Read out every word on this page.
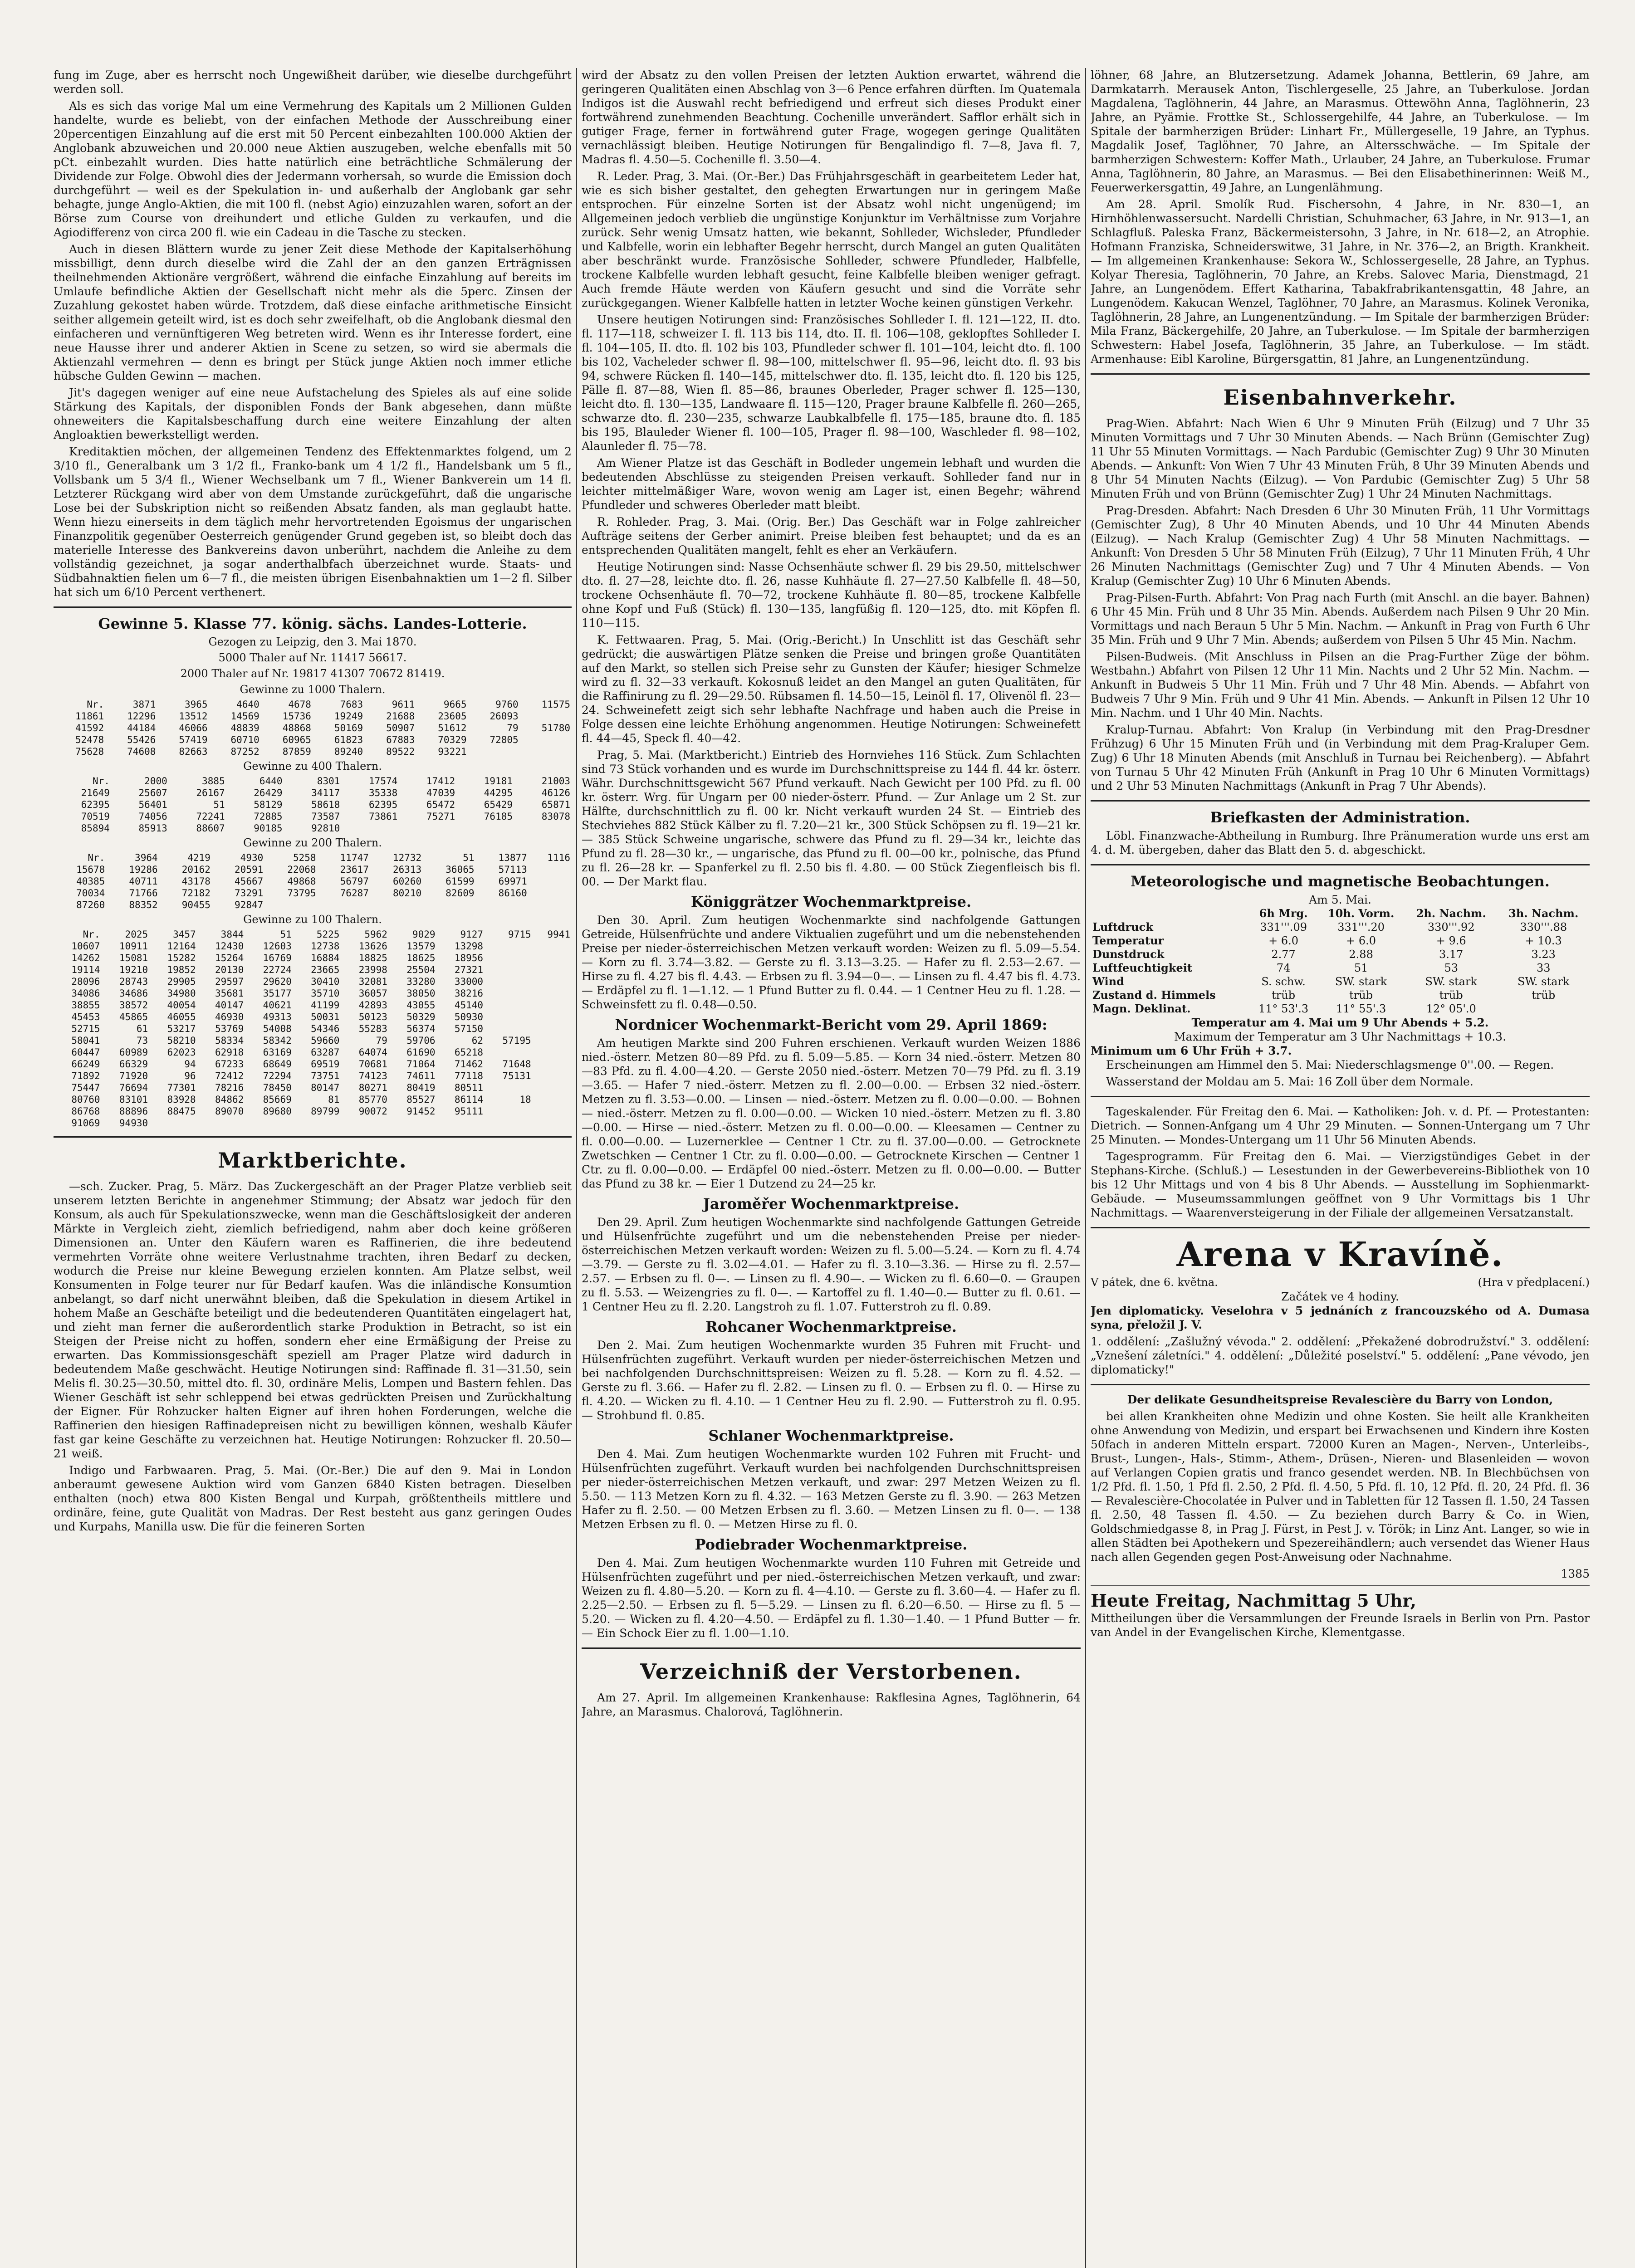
fung im Zuge, aber es herrscht noch Ungewißheit darüber, wie dieselbe durchgeführt werden soll.

Als es sich das vorige Mal um eine Vermehrung des Kapitals um 2 Millionen Gulden handelte, wurde es beliebt, von der einfachen Methode der Ausschreibung einer 20percentigen Einzahlung auf die erst mit 50 Percent einbezahlten 100.000 Aktien der Anglobank abzuweichen und 20.000 neue Aktien auszugeben, welche ebenfalls mit 50 pCt. einbezahlt wurden. Dies hatte natürlich eine beträchtliche Schmälerung der Dividende zur Folge. Obwohl dies der Jedermann vorhersah, so wurde die Emission doch durchgeführt — weil es der Spekulation in- und außerhalb der Anglobank gar sehr behagte, junge Anglo-Aktien, die mit 100 fl. (nebst Agio) einzuzahlen waren, sofort an der Börse zum Course von dreihundert und etliche Gulden zu verkaufen, und die Agiodifferenz von circa 200 fl. wie ein Cadeau in die Tasche zu stecken.

Auch in diesen Blättern wurde zu jener Zeit diese Methode der Kapitalserhöhung missbilligt, denn durch dieselbe wird die Zahl der an den ganzen Erträgnissen theilnehmenden Aktionäre vergrößert, während die einfache Einzahlung auf bereits im Umlaufe befindliche Aktien der Gesellschaft nicht mehr als die 5perc. Zinsen der Zuzahlung gekostet haben würde. Trotzdem, daß diese einfache arithmetische Einsicht seither allgemein geteilt wird, ist es doch sehr zweifelhaft, ob die Anglobank diesmal den einfacheren und vernünftigeren Weg betreten wird. Wenn es ihr Interesse fordert, eine neue Hausse ihrer und anderer Aktien in Scene zu setzen, so wird sie abermals die Aktienzahl vermehren — denn es bringt per Stück junge Aktien noch immer etliche hübsche Gulden Gewinn — machen.

Jit's dagegen weniger auf eine neue Aufstachelung des Spieles als auf eine solide Stärkung des Kapitals, der disponiblen Fonds der Bank abgesehen, dann müßte ohneweiters die Kapitalsbeschaffung durch eine weitere Einzahlung der alten Angloaktien bewerkstelligt werden.

Kreditaktien möchen, der allgemeinen Tendenz des Effektenmarktes folgend, um 2 3/10 fl., Generalbank um 3 1/2 fl., Franko-bank um 4 1/2 fl., Handelsbank um 5 fl., Vollsbank um 5 3/4 fl., Wiener Wechselbank um 7 fl., Wiener Bankverein um 14 fl. Letzterer Rückgang wird aber von dem Umstande zurückgeführt, daß die ungarische Lose bei der Subskription nicht so reißenden Absatz fanden, als man geglaubt hatte. Wenn hiezu einerseits in dem täglich mehr hervortretenden Egoismus der ungarischen Finanzpolitik gegenüber Oesterreich genügender Grund gegeben ist, so bleibt doch das materielle Interesse des Bankvereins davon unberührt, nachdem die Anleihe zu dem vollständig gezeichnet, ja sogar anderthalbfach überzeichnet wurde. Staats- und Südbahnaktien fielen um 6—7 fl., die meisten übrigen Eisenbahnaktien um 1—2 fl. Silber hat sich um 6/10 Percent verthenert.

Gewinne 5. Klasse 77. könig. sächs. Landes-Lotterie.
Gezogen zu Leipzig, den 3. Mai 1870.
5000 Thaler auf Nr. 11417 56617.
2000 Thaler auf Nr. 19817 41307 70672 81419.
Gewinne zu 1000 Thalern.
Nr.	3871	3965	4640	4678	7683	9611	9665	9760	11575
11861	12296	13512	14569	15736	19249	21688	23605	26093	
41592	44184	46066	48839	48868	50169	50907	51612	79	51780
52478	55426	57419	60710	60965	61823	67883	70329	72805	
75628	74608	82663	87252	87859	89240	89522	93221		
Gewinne zu 400 Thalern.
Nr.	2000	3885	6440	8301	17574	17412	19181	21003
21649	25607	26167	26429	34117	35338	47039	44295	46126
62395	56401	51	58129	58618	62395	65472	65429	65871
70519	74056	72241	72885	73587	73861	75271	76185	83078
85894	85913	88607	90185	92810				
Gewinne zu 200 Thalern.
Nr.	3964	4219	4930	5258	11747	12732	51	13877	1116
15678	19286	20162	20591	22068	23617	26313	36065	57113	
40385	40711	43178	45667	49868	56797	60260	61599	69971	
70034	71766	72182	73291	73795	76287	80210	82609	86160	
87260	88352	90455	92847						
Gewinne zu 100 Thalern.
Nr.	2025	3457	3844	51	5225	5962	9029	9127	9715	9941
10607	10911	12164	12430	12603	12738	13626	13579	13298		
14262	15081	15282	15264	16769	16884	18825	18625	18956		
19114	19210	19852	20130	22724	23665	23998	25504	27321		
28096	28743	29905	29597	29620	30410	32081	33280	33000		
34086	34686	34980	35681	35177	35710	36057	38050	38216		
38855	38572	40054	40147	40621	41199	42893	43055	45140		
45453	45865	46055	46930	49313	50031	50123	50329	50930		
52715	61	53217	53769	54008	54346	55283	56374	57150		
58041	73	58210	58334	58342	59660	79	59706	62	57195	
60447	60989	62023	62918	63169	63287	64074	61690	65218		
66249	66329	94	67233	68649	69519	70681	71064	71462	71648	
71892	71920	96	72412	72294	73751	74123	74611	77118	75131	
75447	76694	77301	78216	78450	80147	80271	80419	80511		
80760	83101	83928	84862	85669	81	85770	85527	86114	18	
86768	88896	88475	89070	89680	89799	90072	91452	95111		
91069	94930									
Marktberichte.

—sch. Zucker. Prag, 5. März. Das Zuckergeschäft an der Prager Platze verblieb seit unserem letzten Berichte in angenehmer Stimmung; der Absatz war jedoch für den Konsum, als auch für Spekulationszwecke, wenn man die Geschäftslosigkeit der anderen Märkte in Vergleich zieht, ziemlich befriedigend, nahm aber doch keine größeren Dimensionen an. Unter den Käufern waren es Raffinerien, die ihre bedeutend vermehrten Vorräte ohne weitere Verlustnahme trachten, ihren Bedarf zu decken, wodurch die Preise nur kleine Bewegung erzielen konnten. Am Platze selbst, weil Konsumenten in Folge teurer nur für Bedarf kaufen. Was die inländische Konsumtion anbelangt, so darf nicht unerwähnt bleiben, daß die Spekulation in diesem Artikel in hohem Maße an Geschäfte beteiligt und die bedeutenderen Quantitäten eingelagert hat, und zieht man ferner die außerordentlich starke Produktion in Betracht, so ist ein Steigen der Preise nicht zu hoffen, sondern eher eine Ermäßigung der Preise zu erwarten. Das Kommissionsgeschäft speziell am Prager Platze wird dadurch in bedeutendem Maße geschwächt. Heutige Notirungen sind: Raffinade fl. 31—31.50, sein Melis fl. 30.25—30.50, mittel dto. fl. 30, ordinäre Melis, Lompen und Bastern fehlen. Das Wiener Geschäft ist sehr schleppend bei etwas gedrückten Preisen und Zurückhaltung der Eigner. Für Rohzucker halten Eigner auf ihren hohen Forderungen, welche die Raffinerien den hiesigen Raffinadepreisen nicht zu bewilligen können, weshalb Käufer fast gar keine Geschäfte zu verzeichnen hat. Heutige Notirungen: Rohzucker fl. 20.50—21 weiß.

Indigo und Farbwaaren. Prag, 5. Mai. (Or.-Ber.) Die auf den 9. Mai in London anberaumt gewesene Auktion wird vom Ganzen 6840 Kisten betragen. Dieselben enthalten (noch) etwa 800 Kisten Bengal und Kurpah, größtentheils mittlere und ordinäre, feine, gute Qualität von Madras. Der Rest besteht aus ganz geringen Oudes und Kurpahs, Manilla usw. Die für die feineren Sorten

wird der Absatz zu den vollen Preisen der letzten Auktion erwartet, während die geringeren Qualitäten einen Abschlag von 3—6 Pence erfahren dürften. Im Quatemala Indigos ist die Auswahl recht befriedigend und erfreut sich dieses Produkt einer fortwährend zunehmenden Beachtung. Cochenille unverändert. Safflor erhält sich in gutiger Frage, ferner in fortwährend guter Frage, wogegen geringe Qualitäten vernachlässigt bleiben. Heutige Notirungen für Bengalindigo fl. 7—8, Java fl. 7, Madras fl. 4.50—5. Cochenille fl. 3.50—4.

R. Leder. Prag, 3. Mai. (Or.-Ber.) Das Frühjahrsgeschäft in gearbeitetem Leder hat, wie es sich bisher gestaltet, den gehegten Erwartungen nur in geringem Maße entsprochen. Für einzelne Sorten ist der Absatz wohl nicht ungenügend; im Allgemeinen jedoch verblieb die ungünstige Konjunktur im Verhältnisse zum Vorjahre zurück. Sehr wenig Umsatz hatten, wie bekannt, Sohlleder, Wichsleder, Pfundleder und Kalbfelle, worin ein lebhafter Begehr herrscht, durch Mangel an guten Qualitäten aber beschränkt wurde. Französische Sohlleder, schwere Pfundleder, Halbfelle, trockene Kalbfelle wurden lebhaft gesucht, feine Kalbfelle bleiben weniger gefragt. Auch fremde Häute werden von Käufern gesucht und sind die Vorräte sehr zurückgegangen. Wiener Kalbfelle hatten in letzter Woche keinen günstigen Verkehr.

Unsere heutigen Notirungen sind: Französisches Sohlleder I. fl. 121—122, II. dto. fl. 117—118, schweizer I. fl. 113 bis 114, dto. II. fl. 106—108, geklopftes Sohlleder I. fl. 104—105, II. dto. fl. 102 bis 103, Pfundleder schwer fl. 101—104, leicht dto. fl. 100 bis 102, Vacheleder schwer fl. 98—100, mittelschwer fl. 95—96, leicht dto. fl. 93 bis 94, schwere Rücken fl. 140—145, mittelschwer dto. fl. 135, leicht dto. fl. 120 bis 125, Pälle fl. 87—88, Wien fl. 85—86, braunes Oberleder, Prager schwer fl. 125—130, leicht dto. fl. 130—135, Landwaare fl. 115—120, Prager braune Kalbfelle fl. 260—265, schwarze dto. fl. 230—235, schwarze Laubkalbfelle fl. 175—185, braune dto. fl. 185 bis 195, Blauleder Wiener fl. 100—105, Prager fl. 98—100, Waschleder fl. 98—102, Alaunleder fl. 75—78.

Am Wiener Platze ist das Geschäft in Bodleder ungemein lebhaft und wurden die bedeutenden Abschlüsse zu steigenden Preisen verkauft. Sohlleder fand nur in leichter mittelmäßiger Ware, wovon wenig am Lager ist, einen Begehr; während Pfundleder und schweres Oberleder matt bleibt.

R. Rohleder. Prag, 3. Mai. (Orig. Ber.) Das Geschäft war in Folge zahlreicher Aufträge seitens der Gerber animirt. Preise bleiben fest behauptet; und da es an entsprechenden Qualitäten mangelt, fehlt es eher an Verkäufern.

Heutige Notirungen sind: Nasse Ochsenhäute schwer fl. 29 bis 29.50, mittelschwer dto. fl. 27—28, leichte dto. fl. 26, nasse Kuhhäute fl. 27—27.50 Kalbfelle fl. 48—50, trockene Ochsenhäute fl. 70—72, trockene Kuhhäute fl. 80—85, trockene Kalbfelle ohne Kopf und Fuß (Stück) fl. 130—135, langfüßig fl. 120—125, dto. mit Köpfen fl. 110—115.

K. Fettwaaren. Prag, 5. Mai. (Orig.-Bericht.) In Unschlitt ist das Geschäft sehr gedrückt; die auswärtigen Plätze senken die Preise und bringen große Quantitäten auf den Markt, so stellen sich Preise sehr zu Gunsten der Käufer; hiesiger Schmelze wird zu fl. 32—33 verkauft. Kokosnuß leidet an den Mangel an guten Qualitäten, für die Raffinirung zu fl. 29—29.50. Rübsamen fl. 14.50—15, Leinöl fl. 17, Olivenöl fl. 23—24. Schweinefett zeigt sich sehr lebhafte Nachfrage und haben auch die Preise in Folge dessen eine leichte Erhöhung angenommen. Heutige Notirungen: Schweinefett fl. 44—45, Speck fl. 40—42.

Prag, 5. Mai. (Marktbericht.) Eintrieb des Hornviehes 116 Stück. Zum Schlachten sind 73 Stück vorhanden und es wurde im Durchschnittspreise zu 144 fl. 44 kr. österr. Währ. Durchschnittsgewicht 567 Pfund verkauft. Nach Gewicht per 100 Pfd. zu fl. 00 kr. österr. Wrg. für Ungarn per 00 nieder-österr. Pfund. — Zur Anlage um 2 St. zur Hälfte, durchschnittlich zu fl. 00 kr. Nicht verkauft wurden 24 St. — Eintrieb des Stechviehes 882 Stück Kälber zu fl. 7.20—21 kr., 300 Stück Schöpsen zu fl. 19—21 kr. — 385 Stück Schweine ungarische, schwere das Pfund zu fl. 29—34 kr., leichte das Pfund zu fl. 28—30 kr., — ungarische, das Pfund zu fl. 00—00 kr., polnische, das Pfund zu fl. 26—28 kr. — Spanferkel zu fl. 2.50 bis fl. 4.80. — 00 Stück Ziegenfleisch bis fl. 00. — Der Markt flau.

Königgrätzer Wochenmarktpreise.

Den 30. April. Zum heutigen Wochenmarkte sind nachfolgende Gattungen Getreide, Hülsenfrüchte und andere Viktualien zugeführt und um die nebenstehenden Preise per nieder-österreichischen Metzen verkauft worden: Weizen zu fl. 5.09—5.54. — Korn zu fl. 3.74—3.82. — Gerste zu fl. 3.13—3.25. — Hafer zu fl. 2.53—2.67. — Hirse zu fl. 4.27 bis fl. 4.43. — Erbsen zu fl. 3.94—0—. — Linsen zu fl. 4.47 bis fl. 4.73. — Erdäpfel zu fl. 1—1.12. — 1 Pfund Butter zu fl. 0.44. — 1 Centner Heu zu fl. 1.28. — Schweinsfett zu fl. 0.48—0.50.

Nordnicer Wochenmarkt-Bericht vom 29. April 1869:

Am heutigen Markte sind 200 Fuhren erschienen. Verkauft wurden Weizen 1886 nied.-österr. Metzen 80—89 Pfd. zu fl. 5.09—5.85. — Korn 34 nied.-österr. Metzen 80—83 Pfd. zu fl. 4.00—4.20. — Gerste 2050 nied.-österr. Metzen 70—79 Pfd. zu fl. 3.19—3.65. — Hafer 7 nied.-österr. Metzen zu fl. 2.00—0.00. — Erbsen 32 nied.-österr. Metzen zu fl. 3.53—0.00. — Linsen — nied.-österr. Metzen zu fl. 0.00—0.00. — Bohnen — nied.-österr. Metzen zu fl. 0.00—0.00. — Wicken 10 nied.-österr. Metzen zu fl. 3.80—0.00. — Hirse — nied.-österr. Metzen zu fl. 0.00—0.00. — Kleesamen — Centner zu fl. 0.00—0.00. — Luzernerklee — Centner 1 Ctr. zu fl. 37.00—0.00. — Getrocknete Zwetschken — Centner 1 Ctr. zu fl. 0.00—0.00. — Getrocknete Kirschen — Centner 1 Ctr. zu fl. 0.00—0.00. — Erdäpfel 00 nied.-österr. Metzen zu fl. 0.00—0.00. — Butter das Pfund zu 38 kr. — Eier 1 Dutzend zu 24—25 kr.

Jaroměřer Wochenmarktpreise.

Den 29. April. Zum heutigen Wochenmarkte sind nachfolgende Gattungen Getreide und Hülsenfrüchte zugeführt und um die nebenstehenden Preise per nieder-österreichischen Metzen verkauft worden: Weizen zu fl. 5.00—5.24. — Korn zu fl. 4.74—3.79. — Gerste zu fl. 3.02—4.01. — Hafer zu fl. 3.10—3.36. — Hirse zu fl. 2.57—2.57. — Erbsen zu fl. 0—. — Linsen zu fl. 4.90—. — Wicken zu fl. 6.60—0. — Graupen zu fl. 5.53. — Weizengries zu fl. 0—. — Kartoffel zu fl. 1.40—0.— Butter zu fl. 0.61. — 1 Centner Heu zu fl. 2.20. Langstroh zu fl. 1.07. Futterstroh zu fl. 0.89.

Rohcaner Wochenmarktpreise.

Den 2. Mai. Zum heutigen Wochenmarkte wurden 35 Fuhren mit Frucht- und Hülsenfrüchten zugeführt. Verkauft wurden per nieder-österreichischen Metzen und bei nachfolgenden Durchschnittspreisen: Weizen zu fl. 5.28. — Korn zu fl. 4.52. — Gerste zu fl. 3.66. — Hafer zu fl. 2.82. — Linsen zu fl. 0. — Erbsen zu fl. 0. — Hirse zu fl. 4.20. — Wicken zu fl. 4.10. — 1 Centner Heu zu fl. 2.90. — Futterstroh zu fl. 0.95. — Strohbund fl. 0.85.

Schlaner Wochenmarktpreise.

Den 4. Mai. Zum heutigen Wochenmarkte wurden 102 Fuhren mit Frucht- und Hülsenfrüchten zugeführt. Verkauft wurden bei nachfolgenden Durchschnittspreisen per nieder-österreichischen Metzen verkauft, und zwar: 297 Metzen Weizen zu fl. 5.50. — 113 Metzen Korn zu fl. 4.32. — 163 Metzen Gerste zu fl. 3.90. — 263 Metzen Hafer zu fl. 2.50. — 00 Metzen Erbsen zu fl. 3.60. — Metzen Linsen zu fl. 0—. — 138 Metzen Erbsen zu fl. 0. — Metzen Hirse zu fl. 0.

Podiebrader Wochenmarktpreise.

Den 4. Mai. Zum heutigen Wochenmarkte wurden 110 Fuhren mit Getreide und Hülsenfrüchten zugeführt und per nied.-österreichischen Metzen verkauft, und zwar: Weizen zu fl. 4.80—5.20. — Korn zu fl. 4—4.10. — Gerste zu fl. 3.60—4. — Hafer zu fl. 2.25—2.50. — Erbsen zu fl. 5—5.29. — Linsen zu fl. 6.20—6.50. — Hirse zu fl. 5 — 5.20. — Wicken zu fl. 4.20—4.50. — Erdäpfel zu fl. 1.30—1.40. — 1 Pfund Butter — fr. — Ein Schock Eier zu fl. 1.00—1.10.

Verzeichniß der Verstorbenen.

Am 27. April. Im allgemeinen Krankenhause: Rakflesina Agnes, Taglöhnerin, 64 Jahre, an Marasmus. Chalorová, Taglöhnerin.

löhner, 68 Jahre, an Blutzersetzung. Adamek Johanna, Bettlerin, 69 Jahre, am Darmkatarrh. Merausek Anton, Tischlergeselle, 25 Jahre, an Tuberkulose. Jordan Magdalena, Taglöhnerin, 44 Jahre, an Marasmus. Ottewöhn Anna, Taglöhnerin, 23 Jahre, an Pyämie. Frottke St., Schlossergehilfe, 44 Jahre, an Tuberkulose. — Im Spitale der barmherzigen Brüder: Linhart Fr., Müllergeselle, 19 Jahre, an Typhus. Magdalik Josef, Taglöhner, 70 Jahre, an Altersschwäche. — Im Spitale der barmherzigen Schwestern: Koffer Math., Urlauber, 24 Jahre, an Tuberkulose. Frumar Anna, Taglöhnerin, 80 Jahre, an Marasmus. — Bei den Elisabethinerinnen: Weiß M., Feuerwerkersgattin, 49 Jahre, an Lungenlähmung.

Am 28. April. Smolík Rud. Fischersohn, 4 Jahre, in Nr. 830—1, an Hirnhöhlenwassersucht. Nardelli Christian, Schuhmacher, 63 Jahre, in Nr. 913—1, an Schlagfluß. Paleska Franz, Bäckermeistersohn, 3 Jahre, in Nr. 618—2, an Atrophie. Hofmann Franziska, Schneiderswitwe, 31 Jahre, in Nr. 376—2, an Brigth. Krankheit. — Im allgemeinen Krankenhause: Sekora W., Schlossergeselle, 28 Jahre, an Typhus. Kolyar Theresia, Taglöhnerin, 70 Jahre, an Krebs. Salovec Maria, Dienstmagd, 21 Jahre, an Lungenödem. Effert Katharina, Tabakfrabrikantensgattin, 48 Jahre, an Lungenödem. Kakucan Wenzel, Taglöhner, 70 Jahre, an Marasmus. Kolinek Veronika, Taglöhnerin, 28 Jahre, an Lungenentzündung. — Im Spitale der barmherzigen Brüder: Mila Franz, Bäckergehilfe, 20 Jahre, an Tuberkulose. — Im Spitale der barmherzigen Schwestern: Habel Josefa, Taglöhnerin, 35 Jahre, an Tuberkulose. — Im städt. Armenhause: Eibl Karoline, Bürgersgattin, 81 Jahre, an Lungenentzündung.

Eisenbahnverkehr.

Prag-Wien. Abfahrt: Nach Wien 6 Uhr 9 Minuten Früh (Eilzug) und 7 Uhr 35 Minuten Vormittags und 7 Uhr 30 Minuten Abends. — Nach Brünn (Gemischter Zug) 11 Uhr 55 Minuten Vormittags. — Nach Pardubic (Gemischter Zug) 9 Uhr 30 Minuten Abends. — Ankunft: Von Wien 7 Uhr 43 Minuten Früh, 8 Uhr 39 Minuten Abends und 8 Uhr 54 Minuten Nachts (Eilzug). — Von Pardubic (Gemischter Zug) 5 Uhr 58 Minuten Früh und von Brünn (Gemischter Zug) 1 Uhr 24 Minuten Nachmittags.

Prag-Dresden. Abfahrt: Nach Dresden 6 Uhr 30 Minuten Früh, 11 Uhr Vormittags (Gemischter Zug), 8 Uhr 40 Minuten Abends, und 10 Uhr 44 Minuten Abends (Eilzug). — Nach Kralup (Gemischter Zug) 4 Uhr 58 Minuten Nachmittags. — Ankunft: Von Dresden 5 Uhr 58 Minuten Früh (Eilzug), 7 Uhr 11 Minuten Früh, 4 Uhr 26 Minuten Nachmittags (Gemischter Zug) und 7 Uhr 4 Minuten Abends. — Von Kralup (Gemischter Zug) 10 Uhr 6 Minuten Abends.

Prag-Pilsen-Furth. Abfahrt: Von Prag nach Furth (mit Anschl. an die bayer. Bahnen) 6 Uhr 45 Min. Früh und 8 Uhr 35 Min. Abends. Außerdem nach Pilsen 9 Uhr 20 Min. Vormittags und nach Beraun 5 Uhr 5 Min. Nachm. — Ankunft in Prag von Furth 6 Uhr 35 Min. Früh und 9 Uhr 7 Min. Abends; außerdem von Pilsen 5 Uhr 45 Min. Nachm.

Pilsen-Budweis. (Mit Anschluss in Pilsen an die Prag-Further Züge der böhm. Westbahn.) Abfahrt von Pilsen 12 Uhr 11 Min. Nachts und 2 Uhr 52 Min. Nachm. — Ankunft in Budweis 5 Uhr 11 Min. Früh und 7 Uhr 48 Min. Abends. — Abfahrt von Budweis 7 Uhr 9 Min. Früh und 9 Uhr 41 Min. Abends. — Ankunft in Pilsen 12 Uhr 10 Min. Nachm. und 1 Uhr 40 Min. Nachts.

Kralup-Turnau. Abfahrt: Von Kralup (in Verbindung mit den Prag-Dresdner Frühzug) 6 Uhr 15 Minuten Früh und (in Verbindung mit dem Prag-Kraluper Gem. Zug) 6 Uhr 18 Minuten Abends (mit Anschluß in Turnau bei Reichenberg). — Abfahrt von Turnau 5 Uhr 42 Minuten Früh (Ankunft in Prag 10 Uhr 6 Minuten Vormittags) und 2 Uhr 53 Minuten Nachmittags (Ankunft in Prag 7 Uhr Abends).

Briefkasten der Administration.

Löbl. Finanzwache-Abtheilung in Rumburg. Ihre Pränumeration wurde uns erst am 4. d. M. übergeben, daher das Blatt den 5. d. abgeschickt.

Meteorologische und magnetische Beobachtungen.
Am 5. Mai.
	6h Mrg.	10h. Vorm.	2h. Nachm.	3h. Nachm.
Luftdruck	331'''.09	331'''.20	330'''.92	330'''.88
Temperatur	+ 6.0	+ 6.0	+ 9.6	+ 10.3
Dunstdruck	2.77	2.88	3.17	3.23
Luftfeuchtigkeit	74	51	53	33
Wind	S. schw.	SW. stark	SW. stark	SW. stark
Zustand d. Himmels	trüb	trüb	trüb	trüb
Magn. Deklinat.	11° 53'.3	11° 55'.3	12° 05'.0	
Temperatur am 4. Mai um 9 Uhr Abends + 5.2.
Maximum der Temperatur am 3 Uhr Nachmittags + 10.3.
Minimum um 6 Uhr Früh + 3.7.

Erscheinungen am Himmel den 5. Mai: Niederschlagsmenge 0''.00. — Regen.

Wasserstand der Moldau am 5. Mai: 16 Zoll über dem Normale.

Tageskalender. Für Freitag den 6. Mai. — Katholiken: Joh. v. d. Pf. — Protestanten: Dietrich. — Sonnen-Anfgang um 4 Uhr 29 Minuten. — Sonnen-Untergang um 7 Uhr 25 Minuten. — Mondes-Untergang um 11 Uhr 56 Minuten Abends.

Tagesprogramm. Für Freitag den 6. Mai. — Vierzigstündiges Gebet in der Stephans-Kirche. (Schluß.) — Lesestunden in der Gewerbevereins-Bibliothek von 10 bis 12 Uhr Mittags und von 4 bis 8 Uhr Abends. — Ausstellung im Sophienmarkt-Gebäude. — Museumssammlungen geöffnet von 9 Uhr Vormittags bis 1 Uhr Nachmittags. — Waarenversteigerung in der Filiale der allgemeinen Versatzanstalt.

Arena v Kravíně.
V pátek, dne 6. května.	(Hra v předplacení.)
Začátek ve 4 hodiny.

Jen diplomaticky. Veselohra v 5 jednáních z francouzského od A. Dumasa syna, přeložil J. V.

1. oddělení: „Zašlužný vévoda." 2. oddělení: „Překažené dobrodružství." 3. oddělení: „Vznešení záletníci." 4. oddělení: „Důležité poselství." 5. oddělení: „Pane vévodo, jen diplomaticky!"

Der delikate Gesundheitspreise Revalescière du Barry von London,

bei allen Krankheiten ohne Medizin und ohne Kosten. Sie heilt alle Krankheiten ohne Anwendung von Medizin, und erspart bei Erwachsenen und Kindern ihre Kosten 50fach in anderen Mitteln erspart. 72000 Kuren an Magen-, Nerven-, Unterleibs-, Brust-, Lungen-, Hals-, Stimm-, Athem-, Drüsen-, Nieren- und Blasenleiden — wovon auf Verlangen Copien gratis und franco gesendet werden. NB. In Blechbüchsen von 1/2 Pfd. fl. 1.50, 1 Pfd fl. 2.50, 2 Pfd. fl. 4.50, 5 Pfd. fl. 10, 12 Pfd. fl. 20, 24 Pfd. fl. 36 — Revalescière-Chocolatée in Pulver und in Tabletten für 12 Tassen fl. 1.50, 24 Tassen fl. 2.50, 48 Tassen fl. 4.50. — Zu beziehen durch Barry & Co. in Wien, Goldschmiedgasse 8, in Prag J. Fürst, in Pest J. v. Török; in Linz Ant. Langer, so wie in allen Städten bei Apothekern und Spezereihändlern; auch versendet das Wiener Haus nach allen Gegenden gegen Post-Anweisung oder Nachnahme.

1385
Heute Freitag, Nachmittag 5 Uhr,

Mittheilungen über die Versammlungen der Freunde Israels in Berlin von Prn. Pastor van Andel in der Evangelischen Kirche, Klementgasse.
